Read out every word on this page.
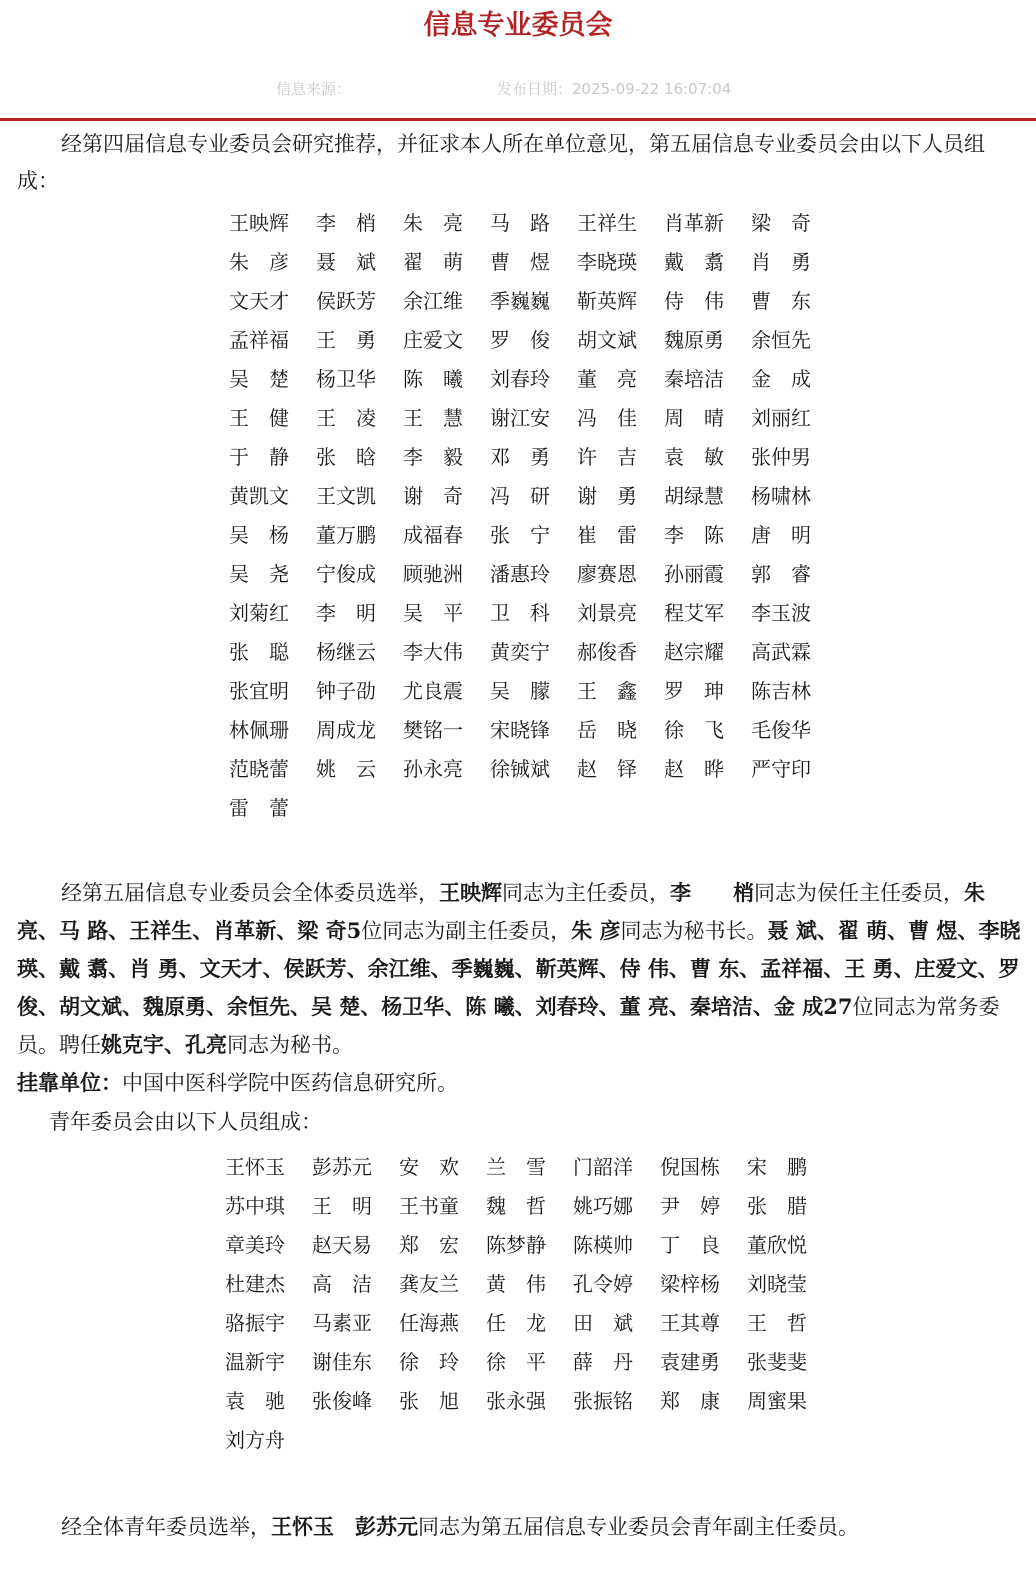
信息专业委员会
信息来源：	发布日期：2025-09-22 16:07:04

经第四届信息专业委员会研究推荐，并征求本人所在单位意见，第五届信息专业委员会由以下人员组成：

王映辉	李　梢	朱　亮	马　路	王祥生	肖革新	梁　奇
朱　彦	聂　斌	翟　萌	曹　煜	李晓瑛	戴　翥	肖　勇
文天才	侯跃芳	余江维	季巍巍	靳英辉	侍　伟	曹　东
孟祥福	王　勇	庄爱文	罗　俊	胡文斌	魏原勇	余恒先
吴　楚	杨卫华	陈　曦	刘春玲	董　亮	秦培洁	金　成
王　健	王　凌	王　慧	谢江安	冯　佳	周　晴	刘丽红
于　静	张　晗	李　毅	邓　勇	许　吉	袁　敏	张仲男
黄凯文	王文凯	谢　奇	冯　研	谢　勇	胡绿慧	杨啸林
吴　杨	董万鹏	成福春	张　宁	崔　雷	李　陈	唐　明
吴　尧	宁俊成	顾驰洲	潘惠玲	廖赛恩	孙丽霞	郭　睿
刘菊红	李　明	吴　平	卫　科	刘景亮	程艾军	李玉波
张　聪	杨继云	李大伟	黄奕宁	郝俊香	赵宗耀	高武霖
张宜明	钟子劭	尤良震	吴　朦	王　鑫	罗　珅	陈吉林
林佩珊	周成龙	樊铭一	宋晓锋	岳　晓	徐　飞	毛俊华
范晓蕾	姚　云	孙永亮	徐铖斌	赵　铎	赵　晔	严守印
雷　蕾

经第五届信息专业委员会全体委员选举，王映辉同志为主任委员，李　　梢同志为侯任主任委员，朱 亮、马 路、王祥生、肖革新、梁 奇5位同志为副主任委员，朱 彦同志为秘书长。聂 斌、翟 萌、曹 煜、李晓瑛、戴 翥、肖 勇、文天才、侯跃芳、余江维、季巍巍、靳英辉、侍 伟、曹 东、孟祥福、王 勇、庄爱文、罗 俊、胡文斌、魏原勇、余恒先、吴 楚、杨卫华、陈 曦、刘春玲、董 亮、秦培洁、金 成27位同志为常务委员。聘任姚克宇、孔亮同志为秘书。

挂靠单位：中国中医科学院中医药信息研究所。

青年委员会由以下人员组成：

王怀玉	彭苏元	安　欢	兰　雪	门韶洋	倪国栋	宋　鹏
苏中琪	王　明	王书童	魏　哲	姚巧娜	尹　婷	张　腊
章美玲	赵天易	郑　宏	陈梦静	陈楧帅	丁　良	董欣悦
杜建杰	高　洁	龚友兰	黄　伟	孔令婷	梁梓杨	刘晓莹
骆振宇	马素亚	任海燕	任　龙	田　斌	王其尊	王　哲
温新宇	谢佳东	徐　玲	徐　平	薛　丹	袁建勇	张斐斐
袁　驰	张俊峰	张　旭	张永强	张振铭	郑　康	周蜜果
刘方舟

经全体青年委员选举，王怀玉　彭苏元同志为第五届信息专业委员会青年副主任委员。
